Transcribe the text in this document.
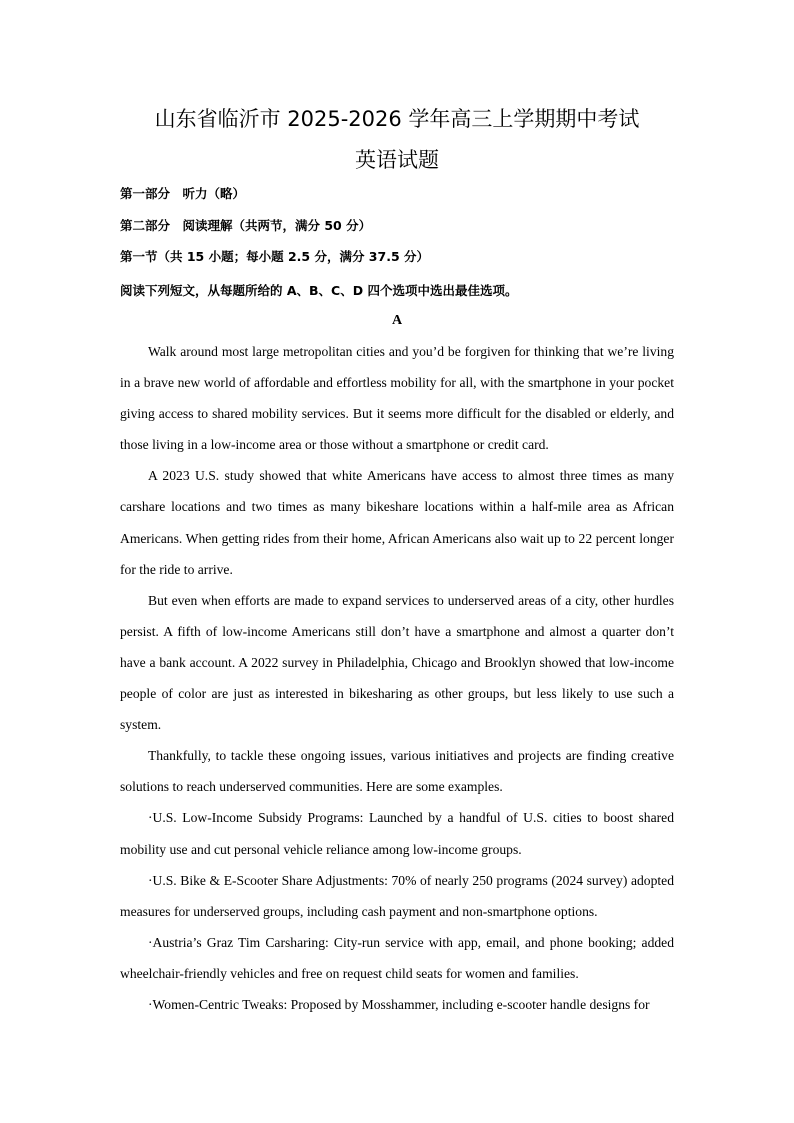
山东省临沂市 2025-2026 学年高三上学期期中考试
英语试题
第一部分　听力（略）
第二部分　阅读理解（共两节，满分 50 分）
第一节（共 15 小题；每小题 2.5 分，满分 37.5 分）
阅读下列短文，从每题所给的 A、B、C、D 四个选项中选出最佳选项。
A

Walk around most large metropolitan cities and you’d be forgiven for thinking that we’re living in a brave new world of affordable and effortless mobility for all, with the smartphone in your pocket giving access to shared mobility services. But it seems more difficult for the disabled or elderly, and those living in a low-income area or those without a smartphone or credit card.

A 2023 U.S. study showed that white Americans have access to almost three times as many carshare locations and two times as many bikeshare locations within a half-mile area as African Americans. When getting rides from their home, African Americans also wait up to 22 percent longer for the ride to arrive.

But even when efforts are made to expand services to underserved areas of a city, other hurdles persist. A fifth of low-income Americans still don’t have a smartphone and almost a quarter don’t have a bank account. A 2022 survey in Philadelphia, Chicago and Brooklyn showed that low-income people of color are just as interested in bikesharing as other groups, but less likely to use such a system.

Thankfully, to tackle these ongoing issues, various initiatives and projects are finding creative solutions to reach underserved communities. Here are some examples.

·U.S. Low-Income Subsidy Programs: Launched by a handful of U.S. cities to boost shared mobility use and cut personal vehicle reliance among low-income groups.

·U.S. Bike & E-Scooter Share Adjustments: 70% of nearly 250 programs (2024 survey) adopted measures for underserved groups, including cash payment and non-smartphone options.

·Austria’s Graz Tim Carsharing: City-run service with app, email, and phone booking; added wheelchair-friendly vehicles and free on request child seats for women and families.

·Women-Centric Tweaks: Proposed by Mosshammer, including e-scooter handle designs for
